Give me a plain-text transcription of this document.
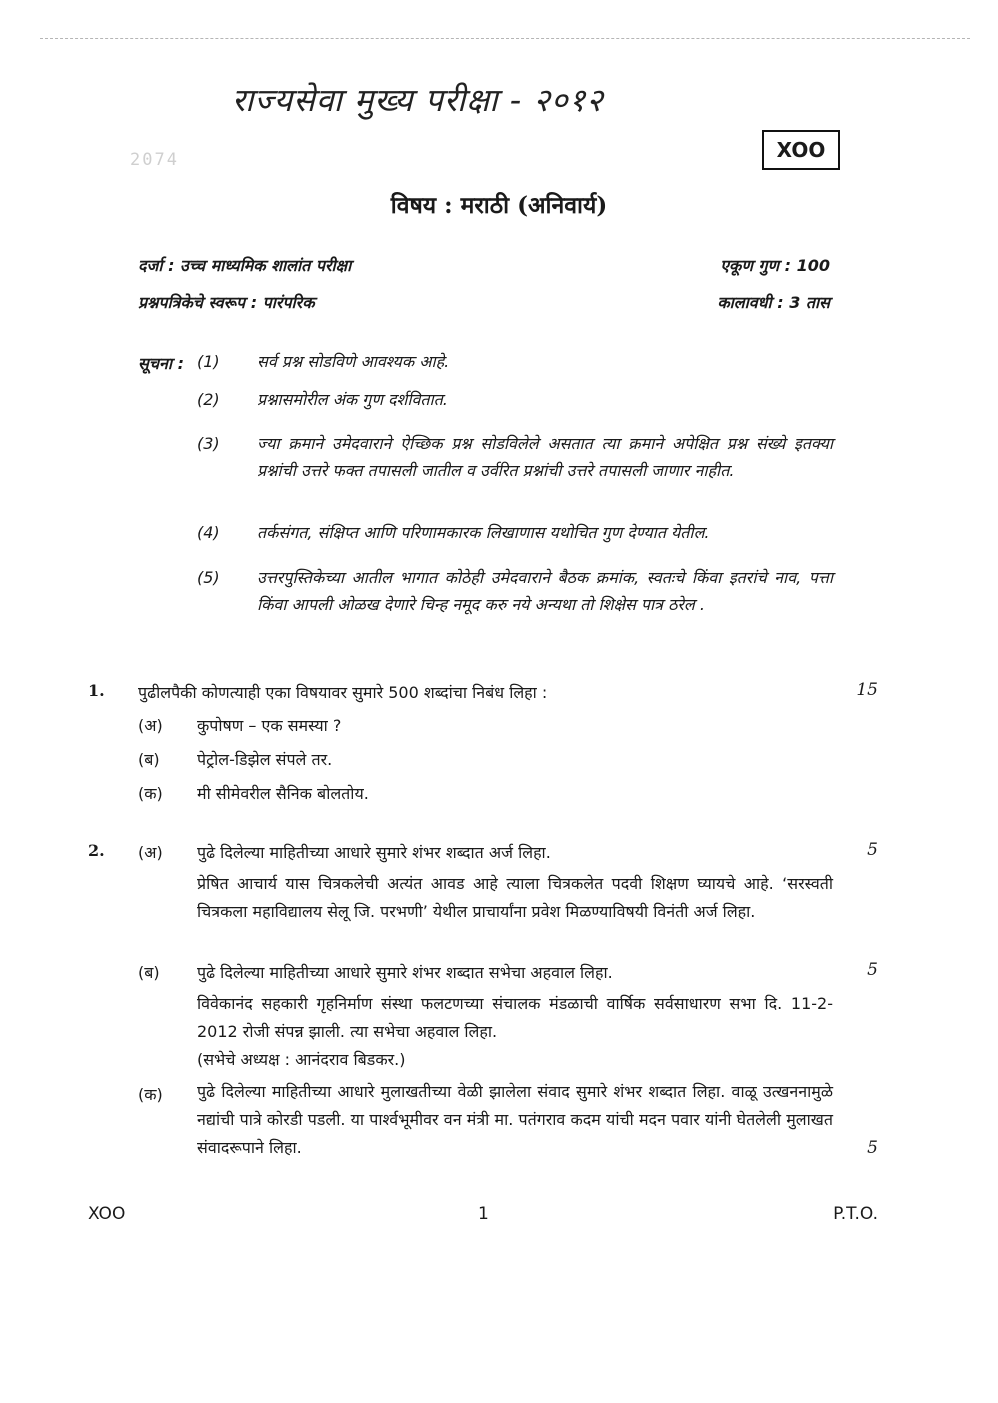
राज्यसेवा मुख्य परीक्षा - २०१२
2074	XOO
विषय : मराठी (अनिवार्य)
दर्जा : उच्च माध्यमिक शालांत परीक्षा	एकूण गुण : 100
प्रश्नपत्रिकेचे स्वरूप : पारंपरिक	कालावधी : 3 तास
सूचना : (1) सर्व प्रश्न सोडविणे आवश्यक आहे.
(2) प्रश्नासमोरील अंक गुण दर्शवितात.
(3) ज्या क्रमाने उमेदवाराने ऐच्छिक प्रश्न सोडविलेले असतात त्या क्रमाने अपेक्षित प्रश्न संख्ये इतक्या प्रश्नांची उत्तरे फक्त तपासली जातील व उर्वरित प्रश्नांची उत्तरे तपासली जाणार नाहीत.
(4) तर्कसंगत, संक्षिप्त आणि परिणामकारक लिखाणास यथोचित गुण देण्यात येतील.
(5) उत्तरपुस्तिकेच्या आतील भागात कोठेही उमेदवाराने बैठक क्रमांक, स्वतःचे किंवा इतरांचे नाव, पत्ता किंवा आपली ओळख देणारे चिन्ह नमूद करु नये अन्यथा तो शिक्षेस पात्र ठरेल .
1. पुढीलपैकी कोणत्याही एका विषयावर सुमारे 500 शब्दांचा निबंध लिहा :	15
(अ) कुपोषण – एक समस्या ?
(ब) पेट्रोल-डिझेल संपले तर.
(क) मी सीमेवरील सैनिक बोलतोय.
2. (अ) पुढे दिलेल्या माहितीच्या आधारे सुमारे शंभर शब्दात अर्ज लिहा.	5
प्रेषित आचार्य यास चित्रकलेची अत्यंत आवड आहे त्याला चित्रकलेत पदवी शिक्षण घ्यायचे आहे. ‘सरस्वती चित्रकला महाविद्यालय सेलू जि. परभणी’ येथील प्राचार्यांना प्रवेश मिळण्याविषयी विनंती अर्ज लिहा.
(ब) पुढे दिलेल्या माहितीच्या आधारे सुमारे शंभर शब्दात सभेचा अहवाल लिहा.	5
विवेकानंद सहकारी गृहनिर्माण संस्था फलटणच्या संचालक मंडळाची वार्षिक सर्वसाधारण सभा दि. 11-2-2012 रोजी संपन्न झाली. त्या सभेचा अहवाल लिहा.
(सभेचे अध्यक्ष : आनंदराव बिडकर.)
(क) पुढे दिलेल्या माहितीच्या आधारे मुलाखतीच्या वेळी झालेला संवाद सुमारे शंभर शब्दात लिहा. वाळू उत्खननामुळे नद्यांची पात्रे कोरडी पडली. या पार्श्वभूमीवर वन मंत्री मा. पतंगराव कदम यांची मदन पवार यांनी घेतलेली मुलाखत संवादरूपाने लिहा.	5
XOO	1	P.T.O.
